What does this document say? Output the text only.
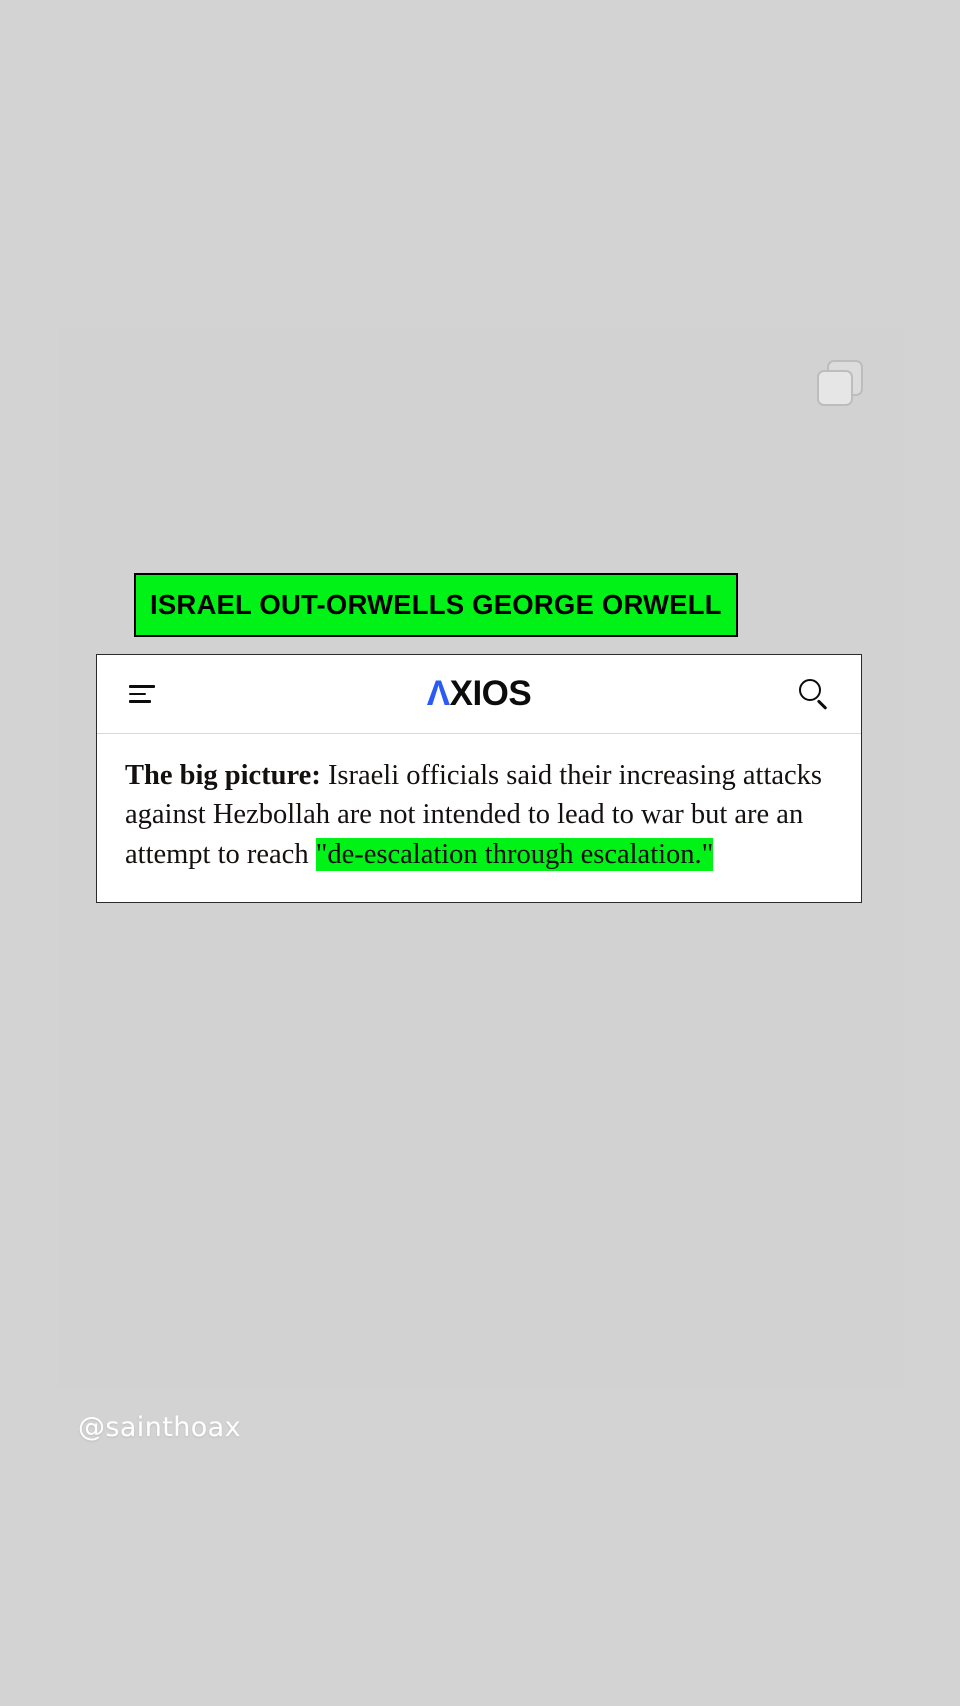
ISRAEL OUT-ORWELLS GEORGE ORWELL
Λ XIOS
The big picture: Israeli officials said their increasing attacks against Hezbollah are not intended to lead to war but are an attempt to reach "de-escalation through escalation."
@sainthoax
